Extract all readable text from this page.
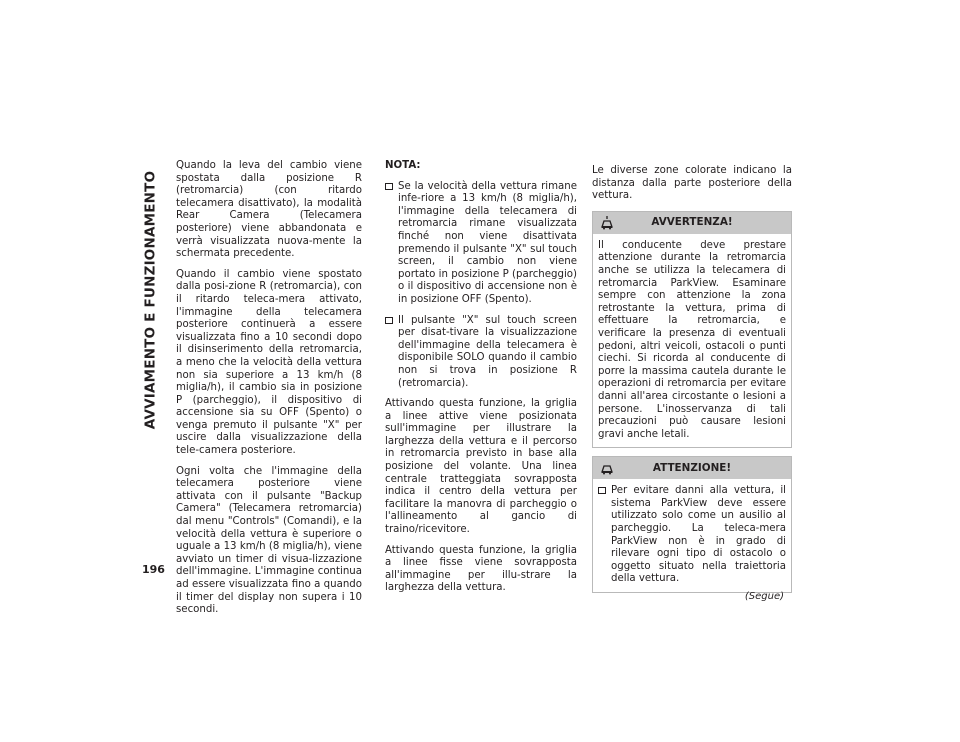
AVVIAMENTO E FUNZIONAMENTO
196

Quando la leva del cambio viene spostata dalla posizione R (retromarcia) (con ritardo telecamera disattivato), la modalità Rear Camera (Telecamera posteriore) viene abbandonata e verrà visualizzata nuova-mente la schermata precedente.

Quando il cambio viene spostato dalla posi-zione R (retromarcia), con il ritardo teleca-mera attivato, l'immagine della telecamera posteriore continuerà a essere visualizzata fino a 10 secondi dopo il disinserimento della retromarcia, a meno che la velocità della vettura non sia superiore a 13 km/h (8 miglia/h), il cambio sia in posizione P (parcheggio), il dispositivo di accensione sia su OFF (Spento) o venga premuto il pulsante "X" per uscire dalla visualizzazione della tele-camera posteriore.

Ogni volta che l'immagine della telecamera posteriore viene attivata con il pulsante "Backup Camera" (Telecamera retromarcia) dal menu "Controls" (Comandi), e la velocità della vettura è superiore o uguale a 13 km/h (8 miglia/h), viene avviato un timer di visua-lizzazione dell'immagine. L'immagine continua ad essere visualizzata fino a quando il timer del display non supera i 10 secondi.

NOTA:
Se la velocità della vettura rimane infe-riore a 13 km/h (8 miglia/h), l'immagine della telecamera di retromarcia rimane visualizzata finché non viene disattivata premendo il pulsante "X" sul touch screen, il cambio non viene portato in posizione P (parcheggio) o il dispositivo di accensione non è in posizione OFF (Spento).
Il pulsante "X" sul touch screen per disat-tivare la visualizzazione dell'immagine della telecamera è disponibile SOLO quando il cambio non si trova in posizione R (retromarcia).

Attivando questa funzione, la griglia a linee attive viene posizionata sull'immagine per illustrare la larghezza della vettura e il percorso in retromarcia previsto in base alla posizione del volante. Una linea centrale tratteggiata sovrapposta indica il centro della vettura per facilitare la manovra di parcheggio o l'allineamento al gancio di traino/ricevitore.

Attivando questa funzione, la griglia a linee fisse viene sovrapposta all'immagine per illu-strare la larghezza della vettura.

Le diverse zone colorate indicano la distanza dalla parte posteriore della vettura.

AVVERTENZA!

Il conducente deve prestare attenzione durante la retromarcia anche se utilizza la telecamera di retromarcia ParkView. Esaminare sempre con attenzione la zona retrostante la vettura, prima di effettuare la retromarcia, e verificare la presenza di eventuali pedoni, altri veicoli, ostacoli o punti ciechi. Si ricorda al conducente di porre la massima cautela durante le operazioni di retromarcia per evitare danni all'area circostante o lesioni a persone. L'inosservanza di tali precauzioni può causare lesioni gravi anche letali.

ATTENZIONE!
Per evitare danni alla vettura, il sistema ParkView deve essere utilizzato solo come un ausilio al parcheggio. La teleca-mera ParkView non è in grado di rilevare ogni tipo di ostacolo o oggetto situato nella traiettoria della vettura.
(Segue)
